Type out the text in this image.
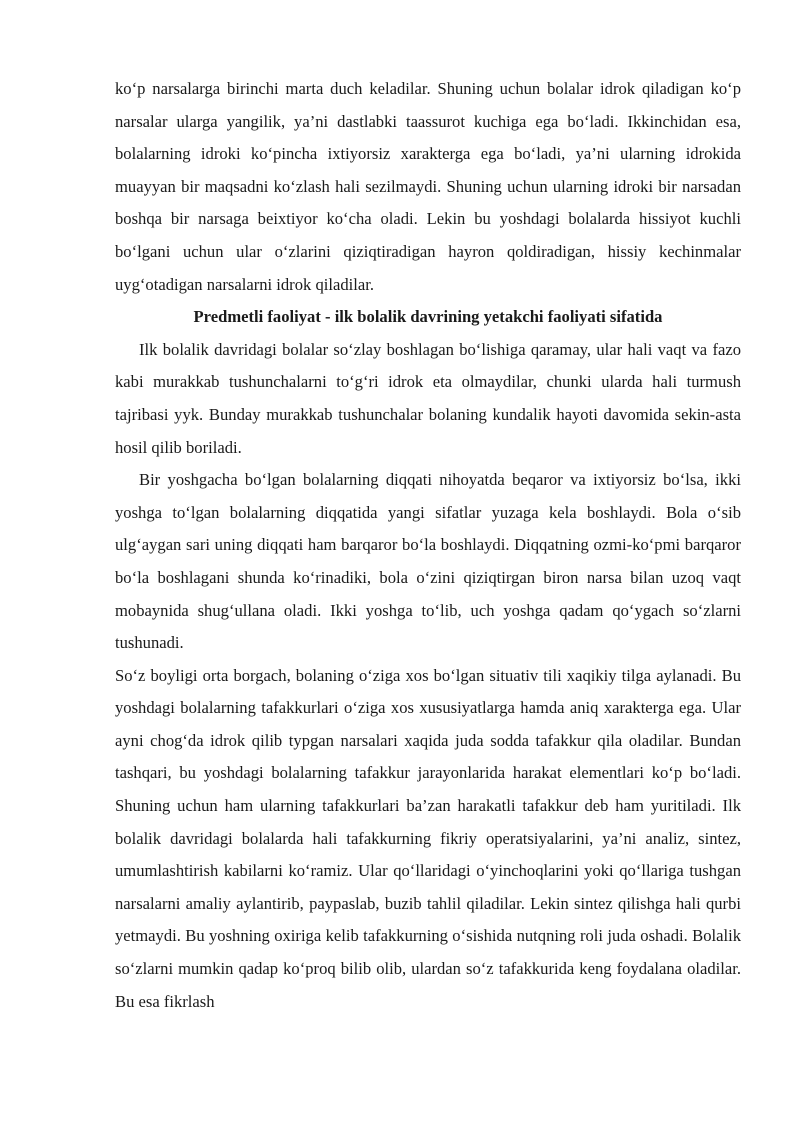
ko‘p narsalarga birinchi marta duch keladilar. Shuning uchun bolalar idrok qiladigan ko‘p narsalar ularga yangilik, ya’ni dastlabki taassurot kuchiga ega bo‘ladi. Ikkinchidan esa, bolalarning idroki ko‘pincha ixtiyorsiz xarakterga ega bo‘ladi, ya’ni ularning idrokida muayyan bir maqsadni ko‘zlash hali sezilmaydi. Shuning uchun ularning idroki bir narsadan boshqa bir narsaga beixtiyor ko‘cha oladi. Lekin bu yoshdagi bolalarda hissiyot kuchli bo‘lgani uchun ular o‘zlarini qiziqtiradigan hayron qoldiradigan, hissiy kechinmalar uyg‘otadigan narsalarni idrok qiladilar.

Predmetli faoliyat - ilk bolalik davrining yetakchi faoliyati sifatida

Ilk bolalik davridagi bolalar so‘zlay boshlagan bo‘lishiga qaramay, ular hali vaqt va fazo kabi murakkab tushunchalarni to‘g‘ri idrok eta olmaydilar, chunki ularda hali turmush tajribasi yyk. Bunday murakkab tushunchalar bolaning kundalik hayoti davomida sekin-asta hosil qilib boriladi.

Bir yoshgacha bo‘lgan bolalarning diqqati nihoyatda beqaror va ixtiyorsiz bo‘lsa, ikki yoshga to‘lgan bolalarning diqqatida yangi sifatlar yuzaga kela boshlaydi. Bola o‘sib ulg‘aygan sari uning diqqati ham barqaror bo‘la boshlaydi. Diqqatning ozmi-ko‘pmi barqaror bo‘la boshlagani shunda ko‘rinadiki, bola o‘zini qiziqtirgan biron narsa bilan uzoq vaqt mobaynida shug‘ullana oladi. Ikki yoshga to‘lib, uch yoshga qadam qo‘ygach so‘zlarni tushunadi.

So‘z boyligi orta borgach, bolaning o‘ziga xos bo‘lgan situativ tili xaqikiy tilga aylanadi. Bu yoshdagi bolalarning tafakkurlari o‘ziga xos xususiyatlarga hamda aniq xarakterga ega. Ular ayni chog‘da idrok qilib typgan narsalari xaqida juda sodda tafakkur qila oladilar. Bundan tashqari, bu yoshdagi bolalarning tafakkur jarayonlarida harakat elementlari ko‘p bo‘ladi. Shuning uchun ham ularning tafakkurlari ba’zan harakatli tafakkur deb ham yuritiladi. Ilk bolalik davridagi bolalarda hali tafakkurning fikriy operatsiyalarini, ya’ni analiz, sintez, umumlashtirish kabilarni ko‘ramiz. Ular qo‘llaridagi o‘yinchoqlarini yoki qo‘llariga tushgan narsalarni amaliy aylantirib, paypaslab, buzib tahlil qiladilar. Lekin sintez qilishga hali qurbi yetmaydi. Bu yoshning oxiriga kelib tafakkurning o‘sishida nutqning roli juda oshadi. Bolalik so‘zlarni mumkin qadap ko‘proq bilib olib, ulardan so‘z tafakkurida keng foydalana oladilar. Bu esa fikrlash
